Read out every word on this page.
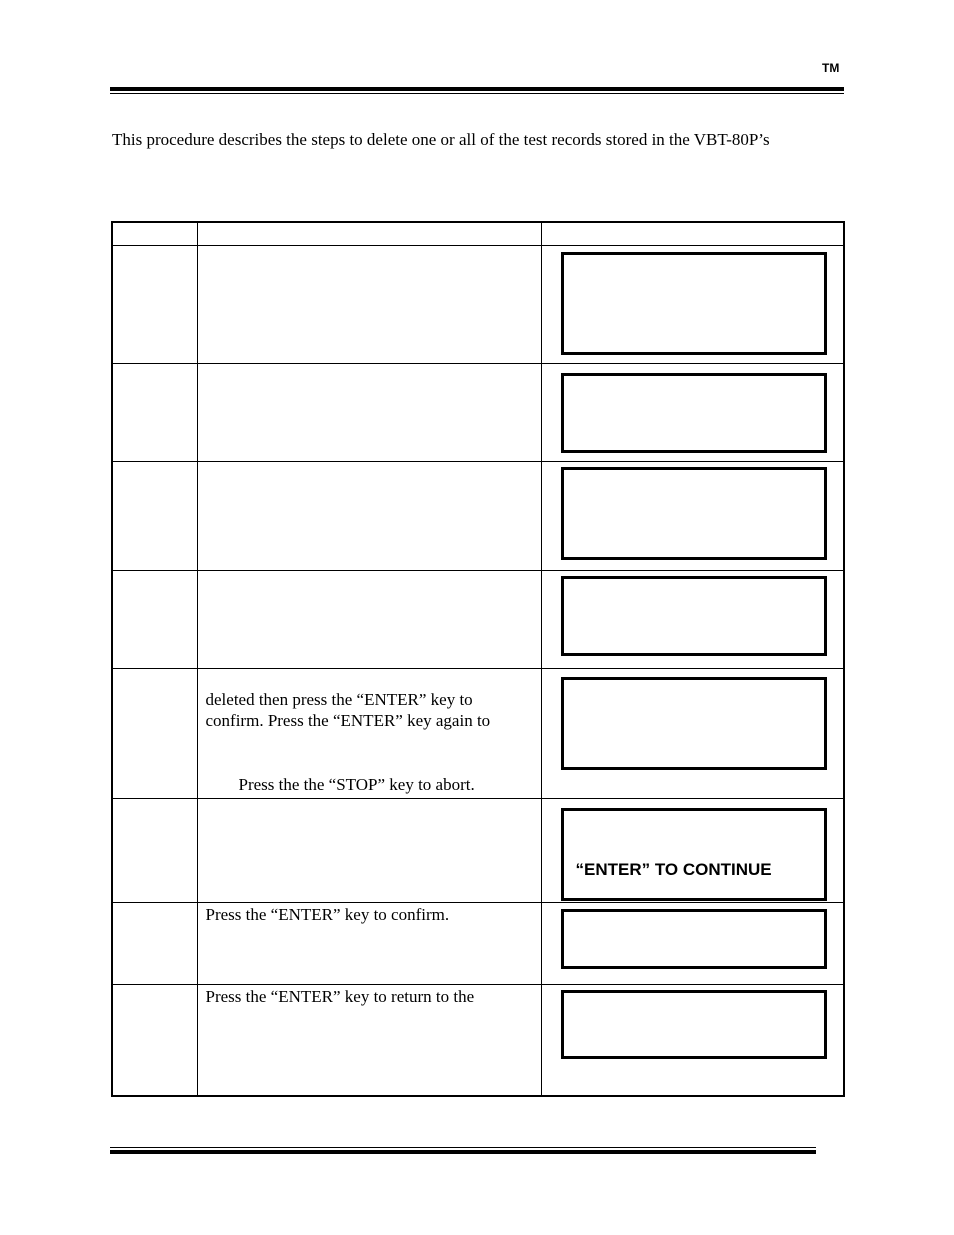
TM
This procedure describes the steps to delete one or all of the test records stored in the VBT-80P’s

	deleted then press the “ENTER” key to
confirm. Press the “ENTER” key again to
Press the the “STOP” key to abort.	

		“ENTER” TO CONTINUE

	Press the “ENTER” key to confirm.	

	Press the “ENTER” key to return to the	
